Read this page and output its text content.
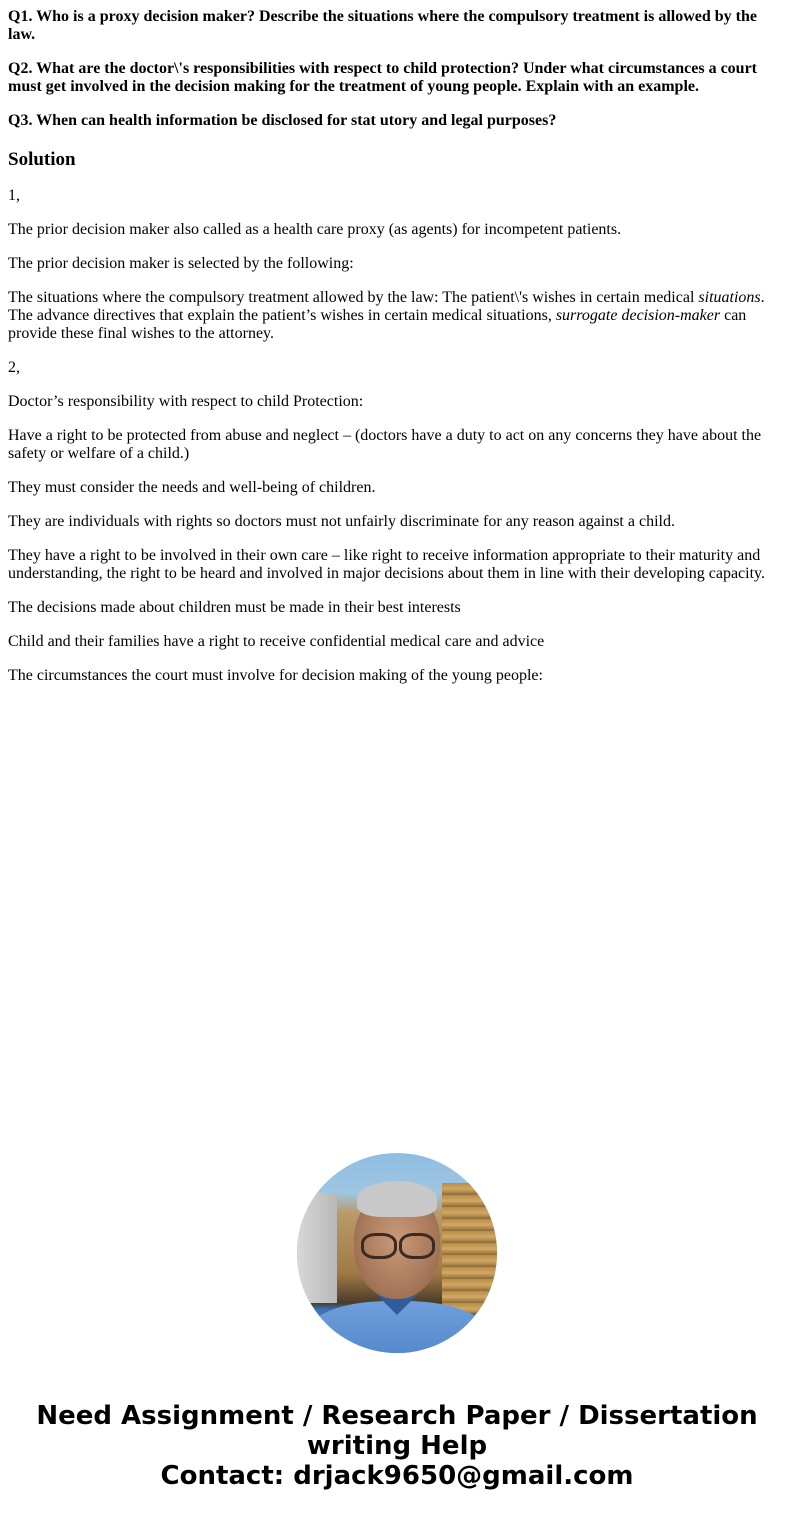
Q1. Who is a proxy decision maker? Describe the situations where the compulsory treatment is allowed by the law.

Q2. What are the doctor\'s responsibilities with respect to child protection? Under what circumstances a court must get involved in the decision making for the treatment of young people. Explain with an example.

Q3. When can health information be disclosed for stat utory and legal purposes?

Solution

1,

The prior decision maker also called as a health care proxy (as agents) for incompetent patients.

The prior decision maker is selected by the following:

The situations where the compulsory treatment allowed by the law: The patient\'s wishes in certain medical situations. The advance directives that explain the patient’s wishes in certain medical situations, surrogate decision-maker can provide these final wishes to the attorney.

2,

Doctor’s responsibility with respect to child Protection:

Have a right to be protected from abuse and neglect – (doctors have a duty to act on any concerns they have about the safety or welfare of a child.)

They must consider the needs and well-being of children.

They are individuals with rights so doctors must not unfairly discriminate for any reason against a child.

They have a right to be involved in their own care – like right to receive information appropriate to their maturity and understanding, the right to be heard and involved in major decisions about them in line with their developing capacity.

The decisions made about children must be made in their best interests

Child and their families have a right to receive confidential medical care and advice

The circumstances the court must involve for decision making of the young people:

Need Assignment / Research Paper / Dissertation
writing Help
Contact: drjack9650@gmail.com
